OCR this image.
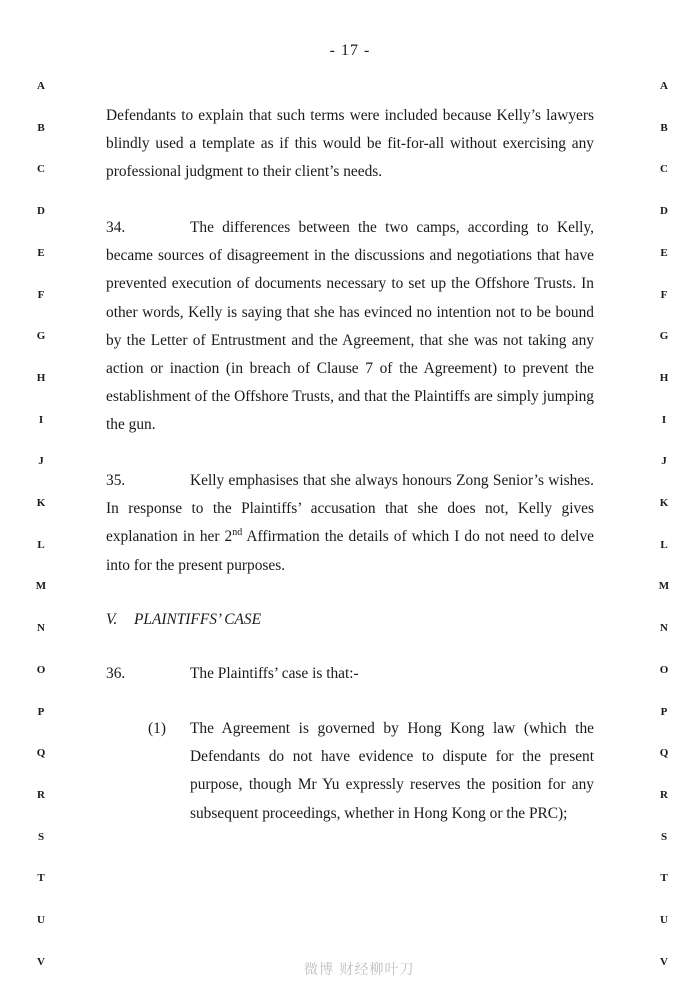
- 17 -
A
B
C
D
E
F
G
H
I
J
K
L
M
N
O
P
Q
R
S
T
U
V
A
B
C
D
E
F
G
H
I
J
K
L
M
N
O
P
Q
R
S
T
U
V

Defendants to explain that such terms were included because Kelly’s lawyers blindly used a template as if this would be fit-for-all without exercising any professional judgment to their client’s needs.

34.	The differences between the two camps, according to Kelly, became sources of disagreement in the discussions and negotiations that have prevented execution of documents necessary to set up the Offshore Trusts. In other words, Kelly is saying that she has evinced no intention not to be bound by the Letter of Entrustment and the Agreement, that she was not taking any action or inaction (in breach of Clause 7 of the Agreement) to prevent the establishment of the Offshore Trusts, and that the Plaintiffs are simply jumping the gun.

35.	Kelly emphasises that she always honours Zong Senior’s wishes. In response to the Plaintiffs’ accusation that she does not, Kelly gives explanation in her 2nd Affirmation the details of which I do not need to delve into for the present purposes.

V. PLAINTIFFS’ CASE

36.	The Plaintiffs’ case is that:-

(1) The Agreement is governed by Hong Kong law (which the Defendants do not have evidence to dispute for the present purpose, though Mr Yu expressly reserves the position for any subsequent proceedings, whether in Hong Kong or the PRC);
微博 财经柳叶刀
